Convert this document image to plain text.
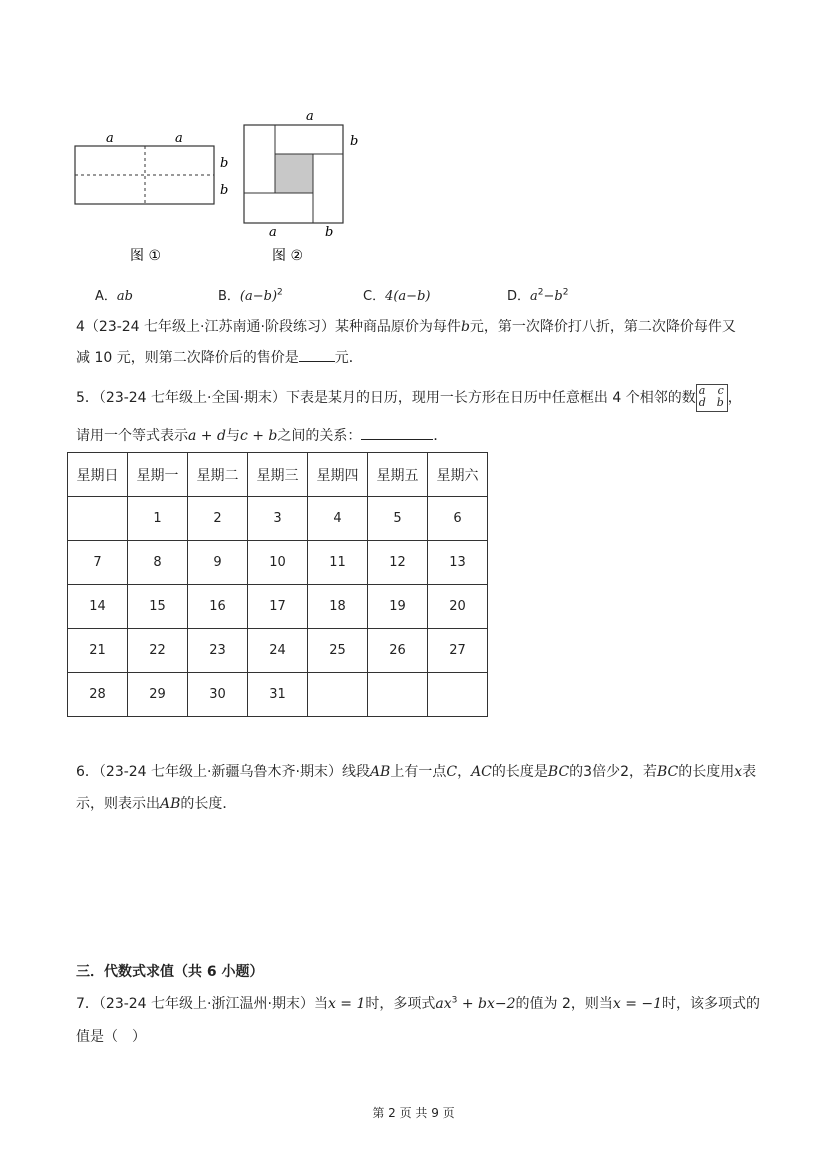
a	a
b
b
图 ①
a
b
a	b
图 ②
A．ab	B．$(a-b)^2$	C．4(a−b)	D．$a^2-b^2$
4（23-24 七年级上·江苏南通·阶段练习）某种商品原价为每件b元，第一次降价打八折，第二次降价每件又
减 10 元，则第二次降价后的售价是	元．
5．（23-24 七年级上·全国·期末）下表是某月的日历，现用一长方形在日历中任意框出 4 个相邻的数 a c
d b ，
请用一个等式表示a + d与c + b之间的关系：	．
星期日	星期一	星期二	星期三	星期四	星期五	星期六
	1	2	3	4	5	6
7	8	9	10	11	12	13
14	15	16	17	18	19	20
21	22	23	24	25	26	27
28	29	30	31			
6．（23-24 七年级上·新疆乌鲁木齐·期末）线段AB上有一点C，AC的长度是BC的3倍少2，若BC的长度用x表
示，则表示出AB的长度．
三．代数式求值（共 6 小题）
7．（23-24 七年级上·浙江温州·期末）当x = 1时，多项式$ax^3 + bx-2$的值为 2，则当x = −1时，该多项式的
值是（　）
第 2 页 共 9 页
